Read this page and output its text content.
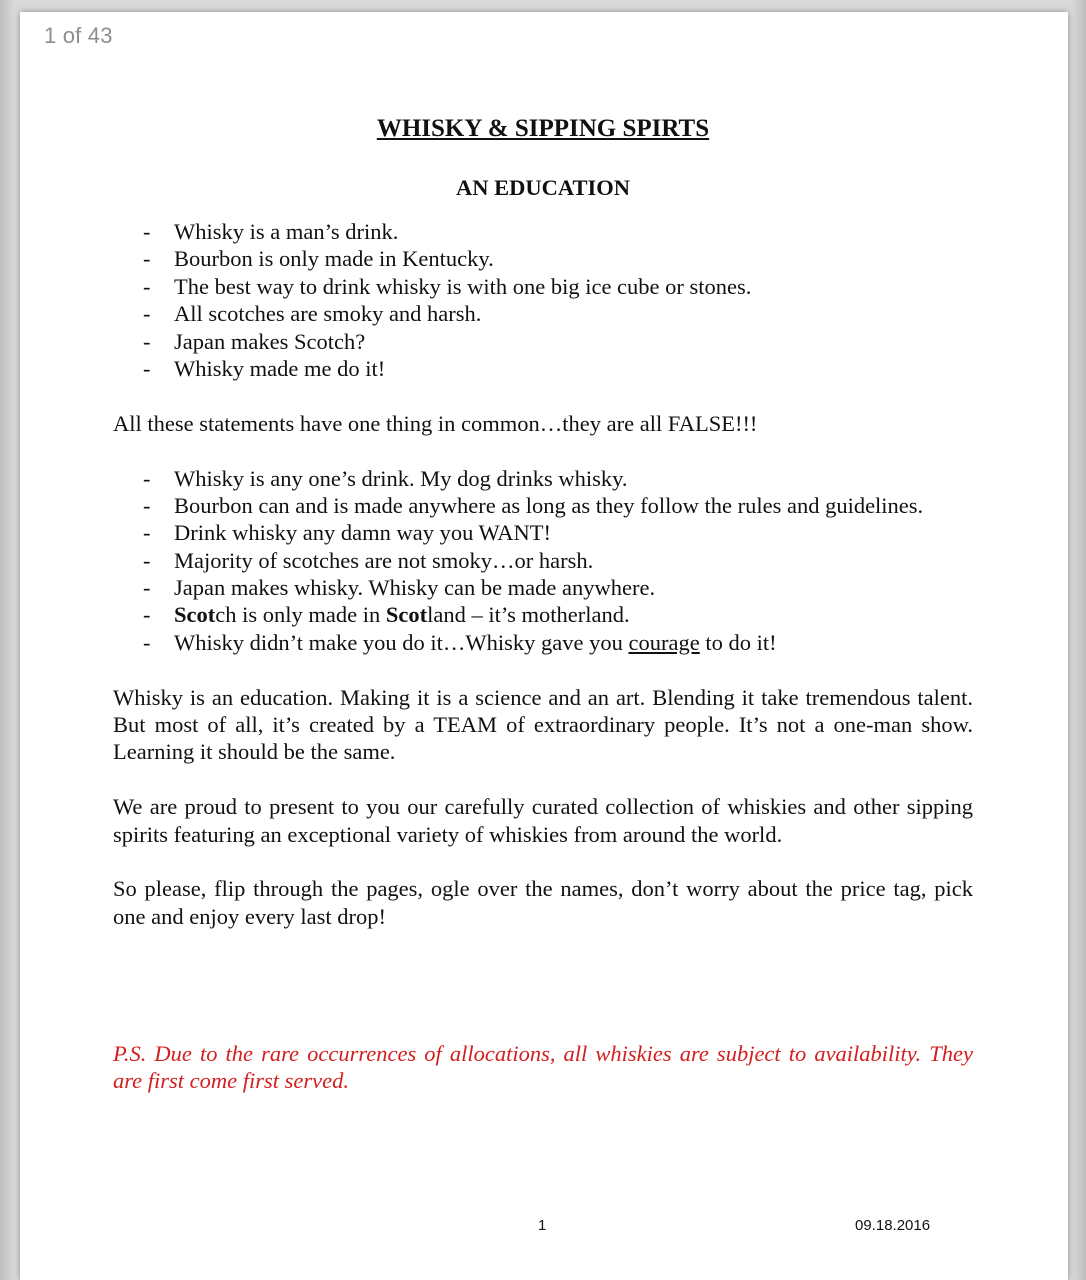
WHISKY & SIPPING SPIRTS
AN EDUCATION
- Whisky is a man’s drink.
- Bourbon is only made in Kentucky.
- The best way to drink whisky is with one big ice cube or stones.
- All scotches are smoky and harsh.
- Japan makes Scotch?
- Whisky made me do it!

All these statements have one thing in common…they are all FALSE!!!

- Whisky is any one’s drink. My dog drinks whisky.
- Bourbon can and is made anywhere as long as they follow the rules and guidelines.
- Drink whisky any damn way you WANT!
- Majority of scotches are not smoky…or harsh.
- Japan makes whisky. Whisky can be made anywhere.
- Scotch is only made in Scotland – it’s motherland.
- Whisky didn’t make you do it…Whisky gave you courage to do it!

Whisky is an education. Making it is a science and an art. Blending it take tremendous talent. But most of all, it’s created by a TEAM of extraordinary people. It’s not a one-man show. Learning it should be the same.

We are proud to present to you our carefully curated collection of whiskies and other sipping spirits featuring an exceptional variety of whiskies from around the world.

So please, flip through the pages, ogle over the names, don’t worry about the price tag, pick one and enjoy every last drop!

P.S. Due to the rare occurrences of allocations, all whiskies are subject to availability. They are first come first served.

1	09.18.2016
1 of 43
